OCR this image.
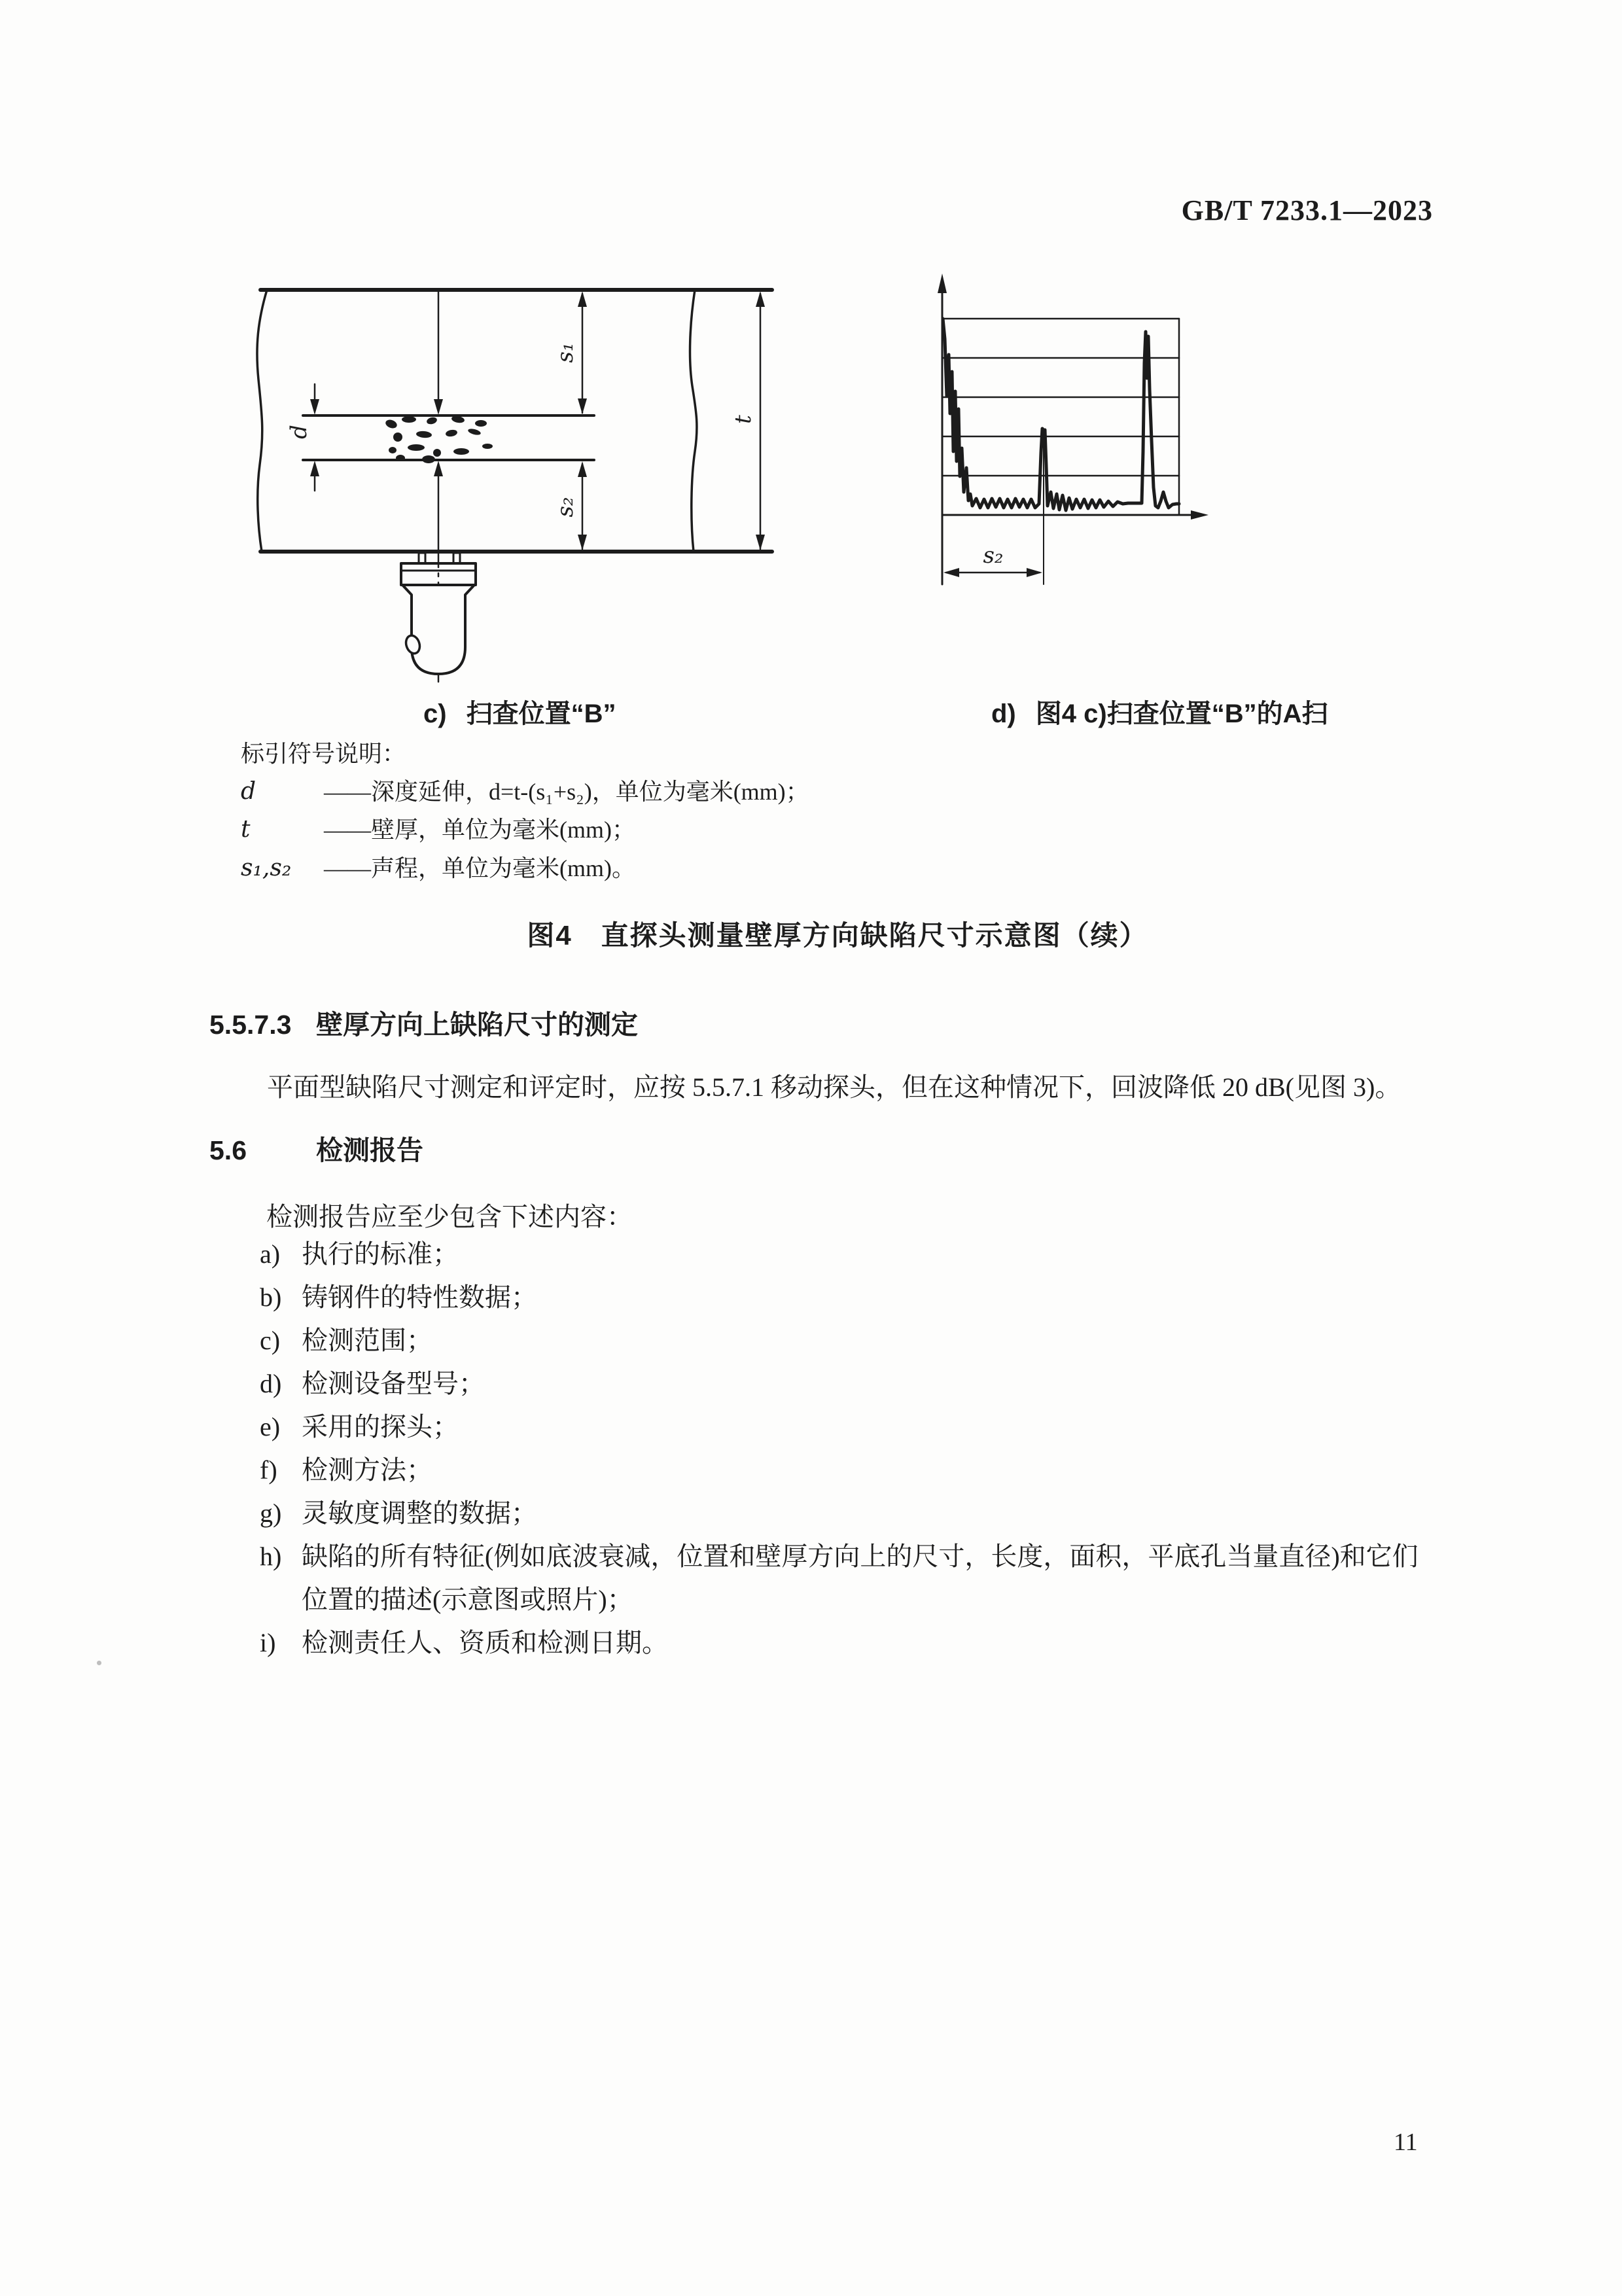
GB/T 7233.1—2023
d
s₁
s₂
t
s₂
c) 扫查位置“B”	d) 图4 c)扫查位置“B”的A扫
标引符号说明：
d	——深度延伸，d=t-(s₁+s₂)，单位为毫米(mm)；
t	——壁厚，单位为毫米(mm)；
s₁,s₂	——声程，单位为毫米(mm)。
图4　直探头测量壁厚方向缺陷尺寸示意图（续）
5.5.7.3 壁厚方向上缺陷尺寸的测定
平面型缺陷尺寸测定和评定时，应按 5.5.7.1 移动探头，但在这种情况下，回波降低 20 dB(见图 3)。
5.6	检测报告
检测报告应至少包含下述内容：
a) 执行的标准；
b) 铸钢件的特性数据；
c) 检测范围；
d) 检测设备型号；
e) 采用的探头；
f) 检测方法；
g) 灵敏度调整的数据；
h) 缺陷的所有特征(例如底波衰减，位置和壁厚方向上的尺寸，长度，面积，平底孔当量直径)和它们位置的描述(示意图或照片)；
i) 检测责任人、资质和检测日期。
11
